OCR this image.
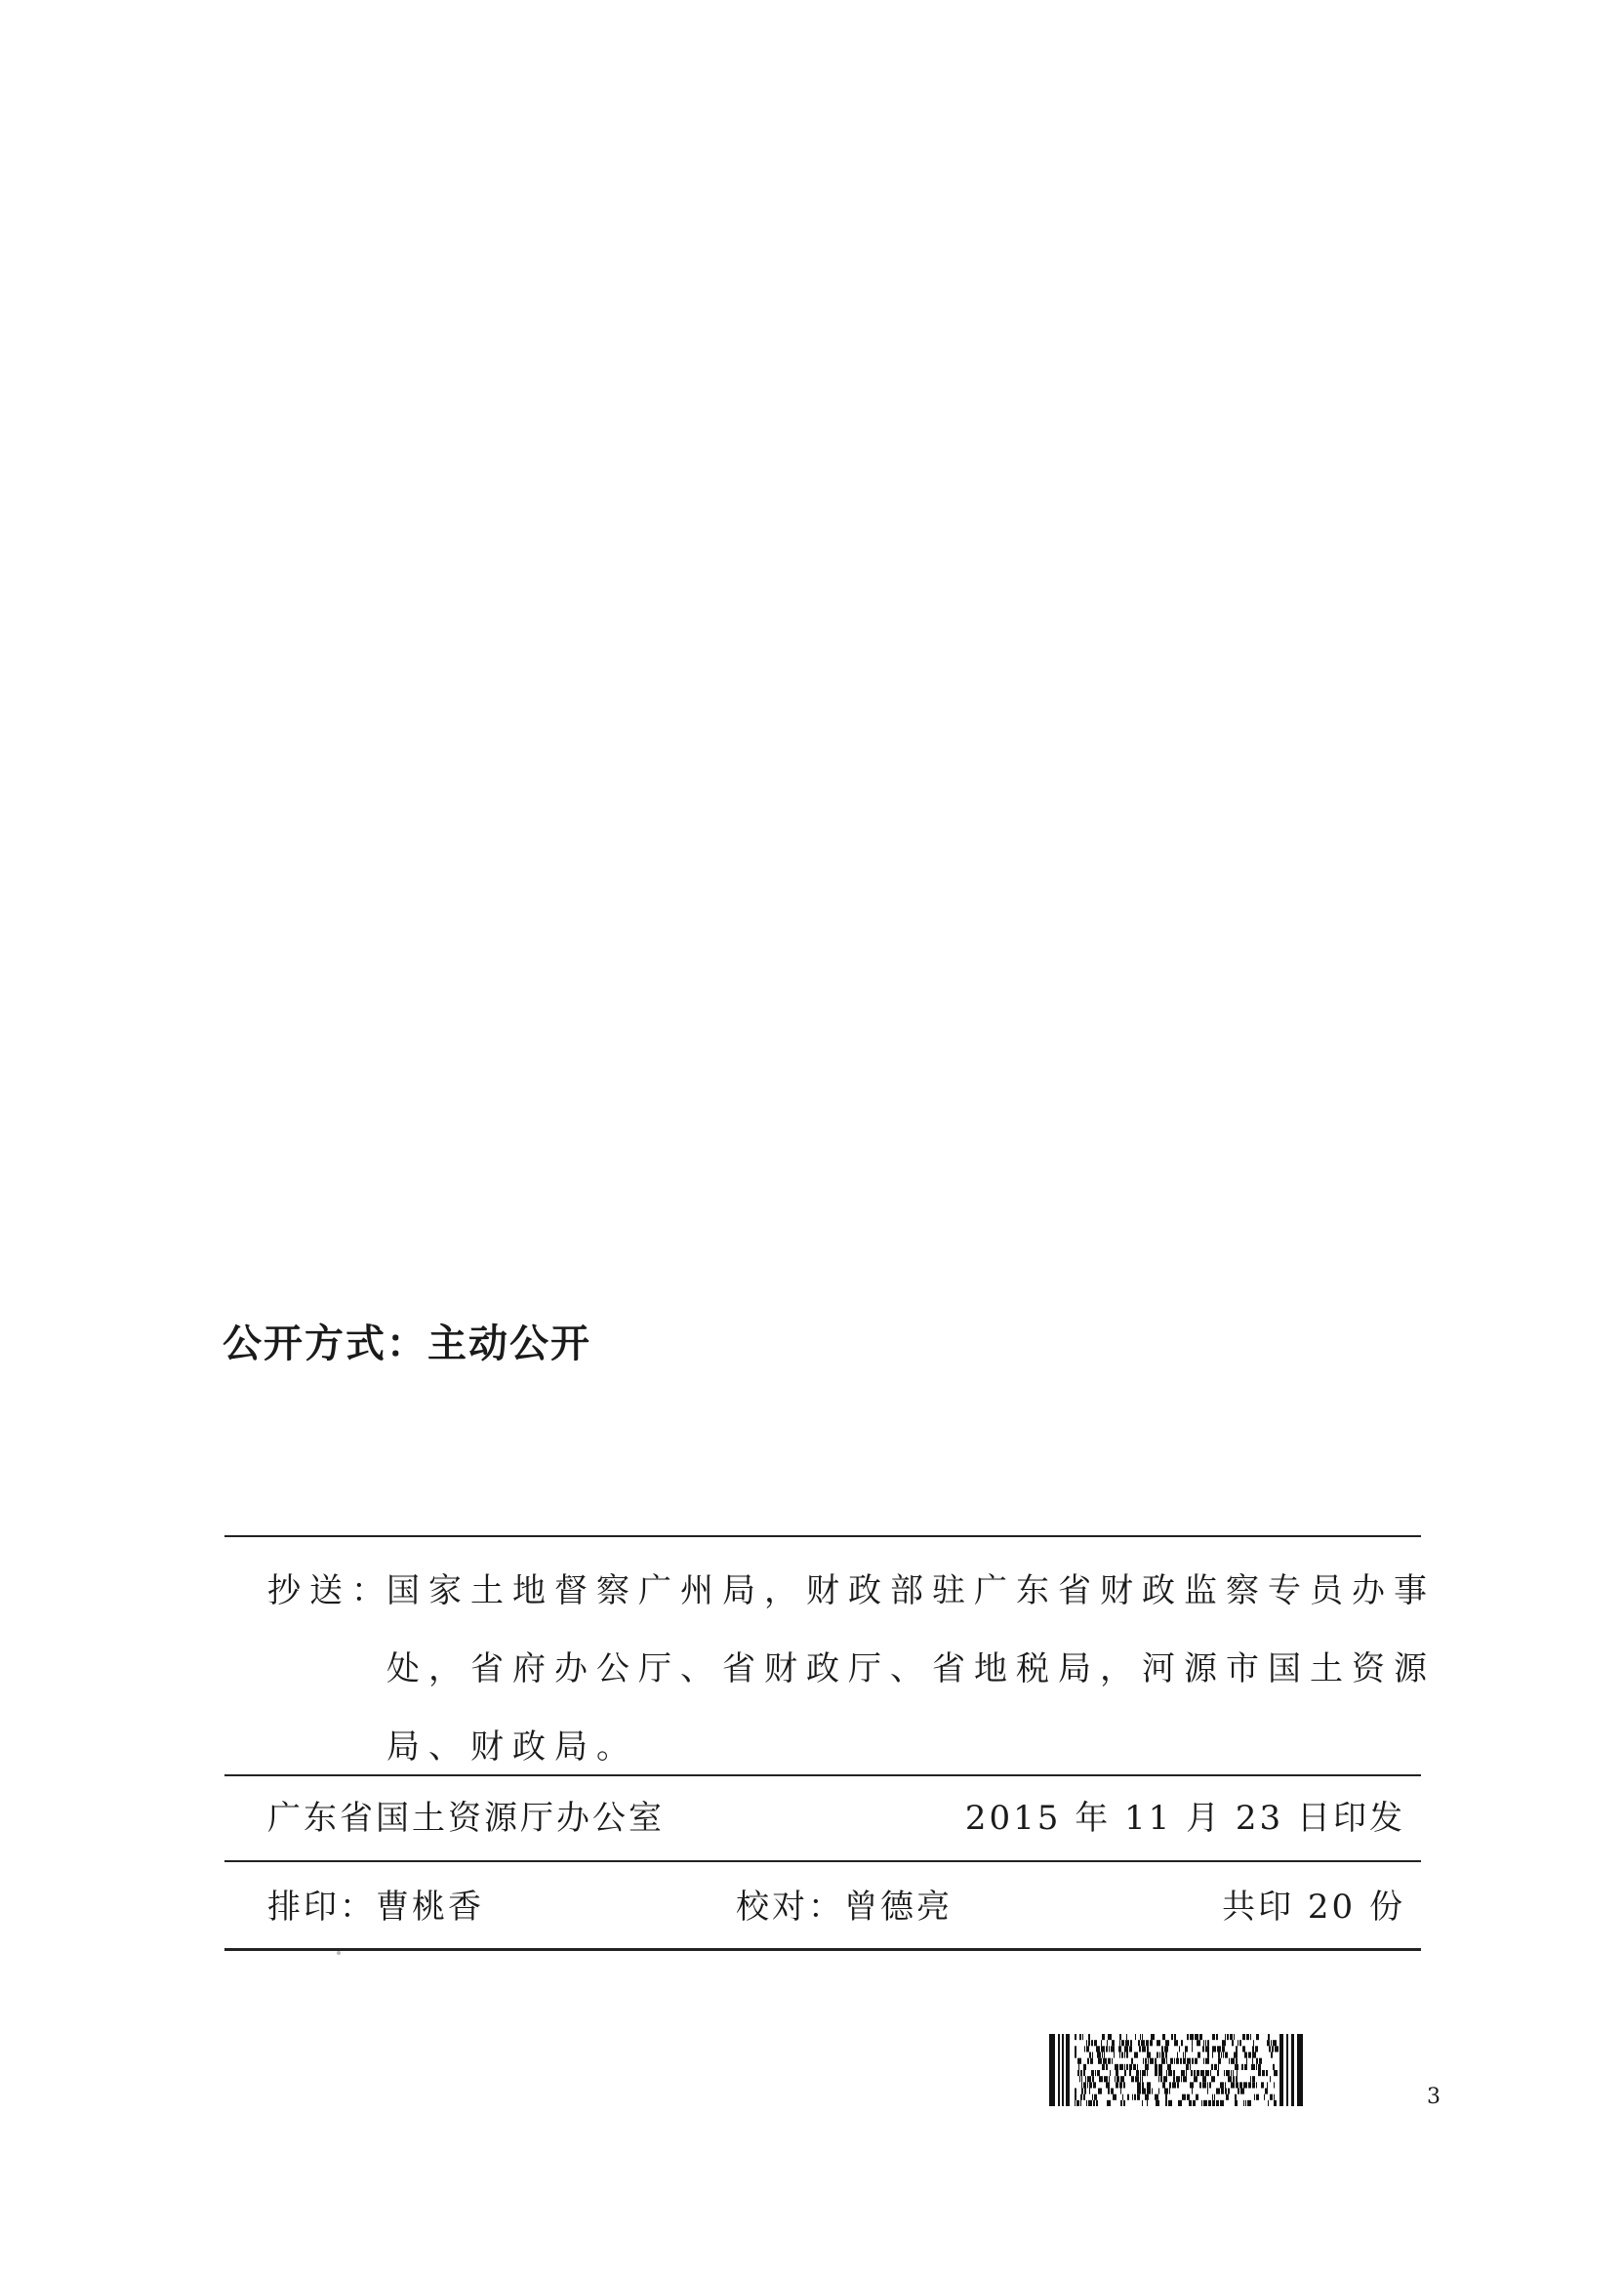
公开方式：主动公开
抄送：
国家土地督察广州局，财政部驻广东省财政监察专员办事
处，省府办公厅、省财政厅、省地税局，河源市国土资源
局、财政局。
广东省国土资源厅办公室	2015 年 11 月 23 日印发
排印：曹桃香	校对：曾德亮	共印 20 份
3
